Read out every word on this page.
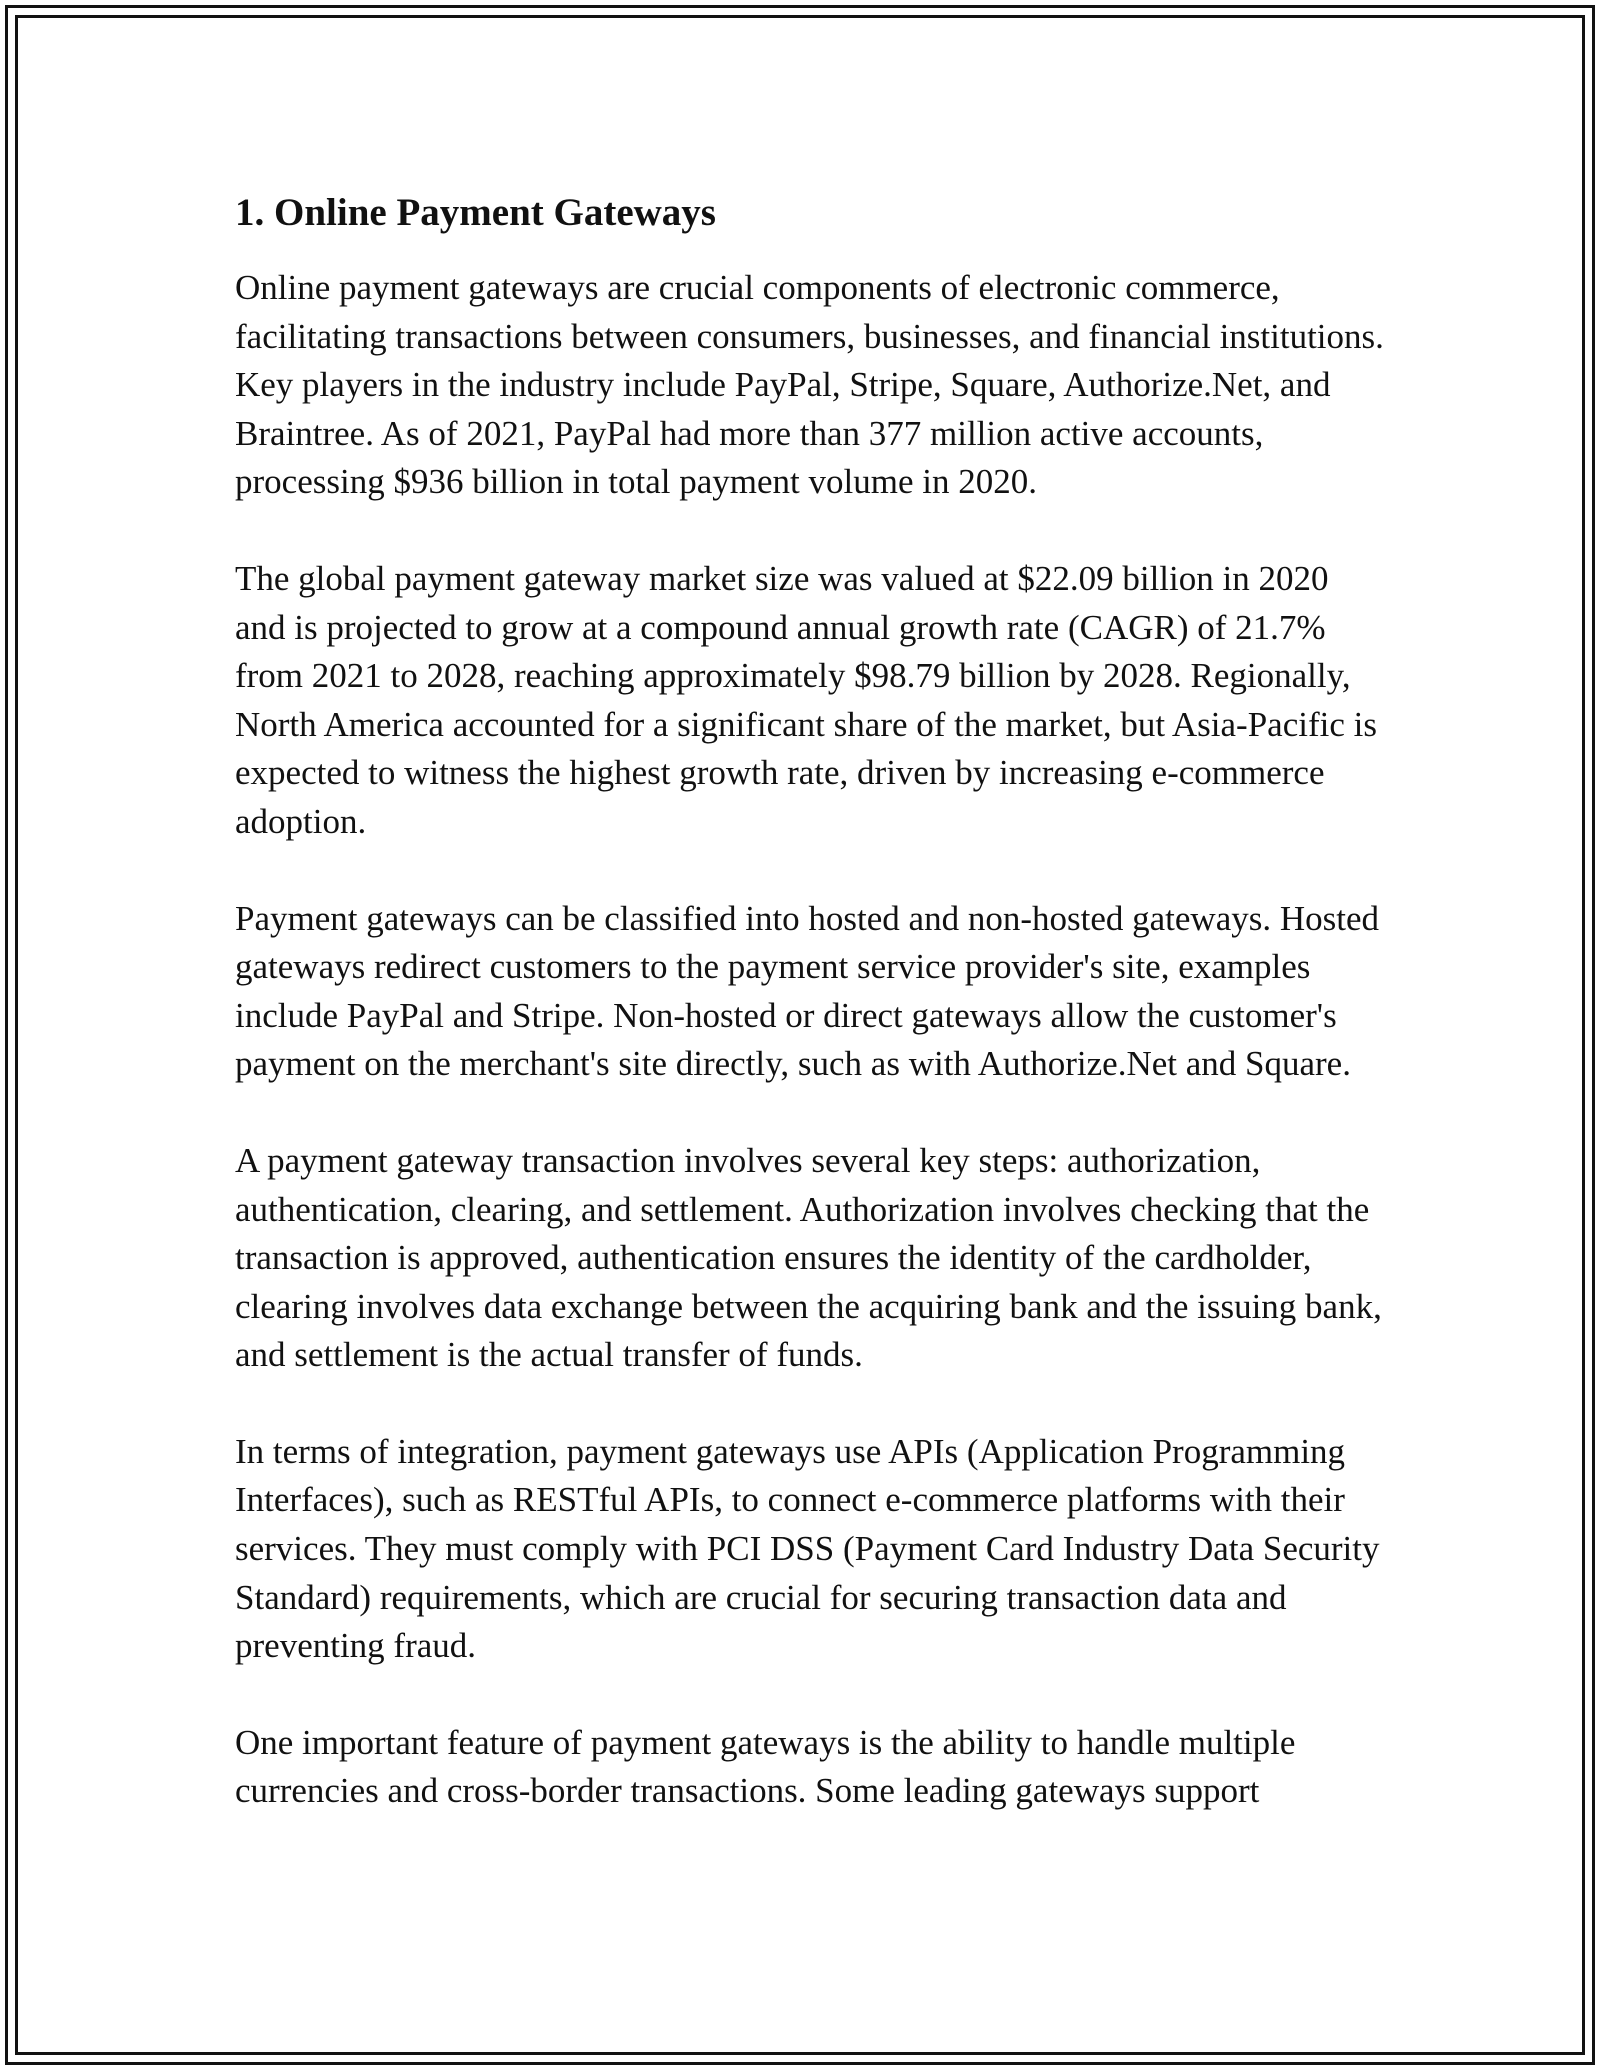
1. Online Payment Gateways

Online payment gateways are crucial components of electronic commerce, facilitating transactions between consumers, businesses, and financial institutions. Key players in the industry include PayPal, Stripe, Square, Authorize.Net, and Braintree. As of 2021, PayPal had more than 377 million active accounts, processing $936 billion in total payment volume in 2020.

The global payment gateway market size was valued at $22.09 billion in 2020 and is projected to grow at a compound annual growth rate (CAGR) of 21.7% from 2021 to 2028, reaching approximately $98.79 billion by 2028. Regionally, North America accounted for a significant share of the market, but Asia-Pacific is expected to witness the highest growth rate, driven by increasing e-commerce adoption.

Payment gateways can be classified into hosted and non-hosted gateways. Hosted gateways redirect customers to the payment service provider's site, examples include PayPal and Stripe. Non-hosted or direct gateways allow the customer's payment on the merchant's site directly, such as with Authorize.Net and Square.

A payment gateway transaction involves several key steps: authorization, authentication, clearing, and settlement. Authorization involves checking that the transaction is approved, authentication ensures the identity of the cardholder, clearing involves data exchange between the acquiring bank and the issuing bank, and settlement is the actual transfer of funds.

In terms of integration, payment gateways use APIs (Application Programming Interfaces), such as RESTful APIs, to connect e-commerce platforms with their services. They must comply with PCI DSS (Payment Card Industry Data Security Standard) requirements, which are crucial for securing transaction data and preventing fraud.

One important feature of payment gateways is the ability to handle multiple currencies and cross-border transactions. Some leading gateways support
